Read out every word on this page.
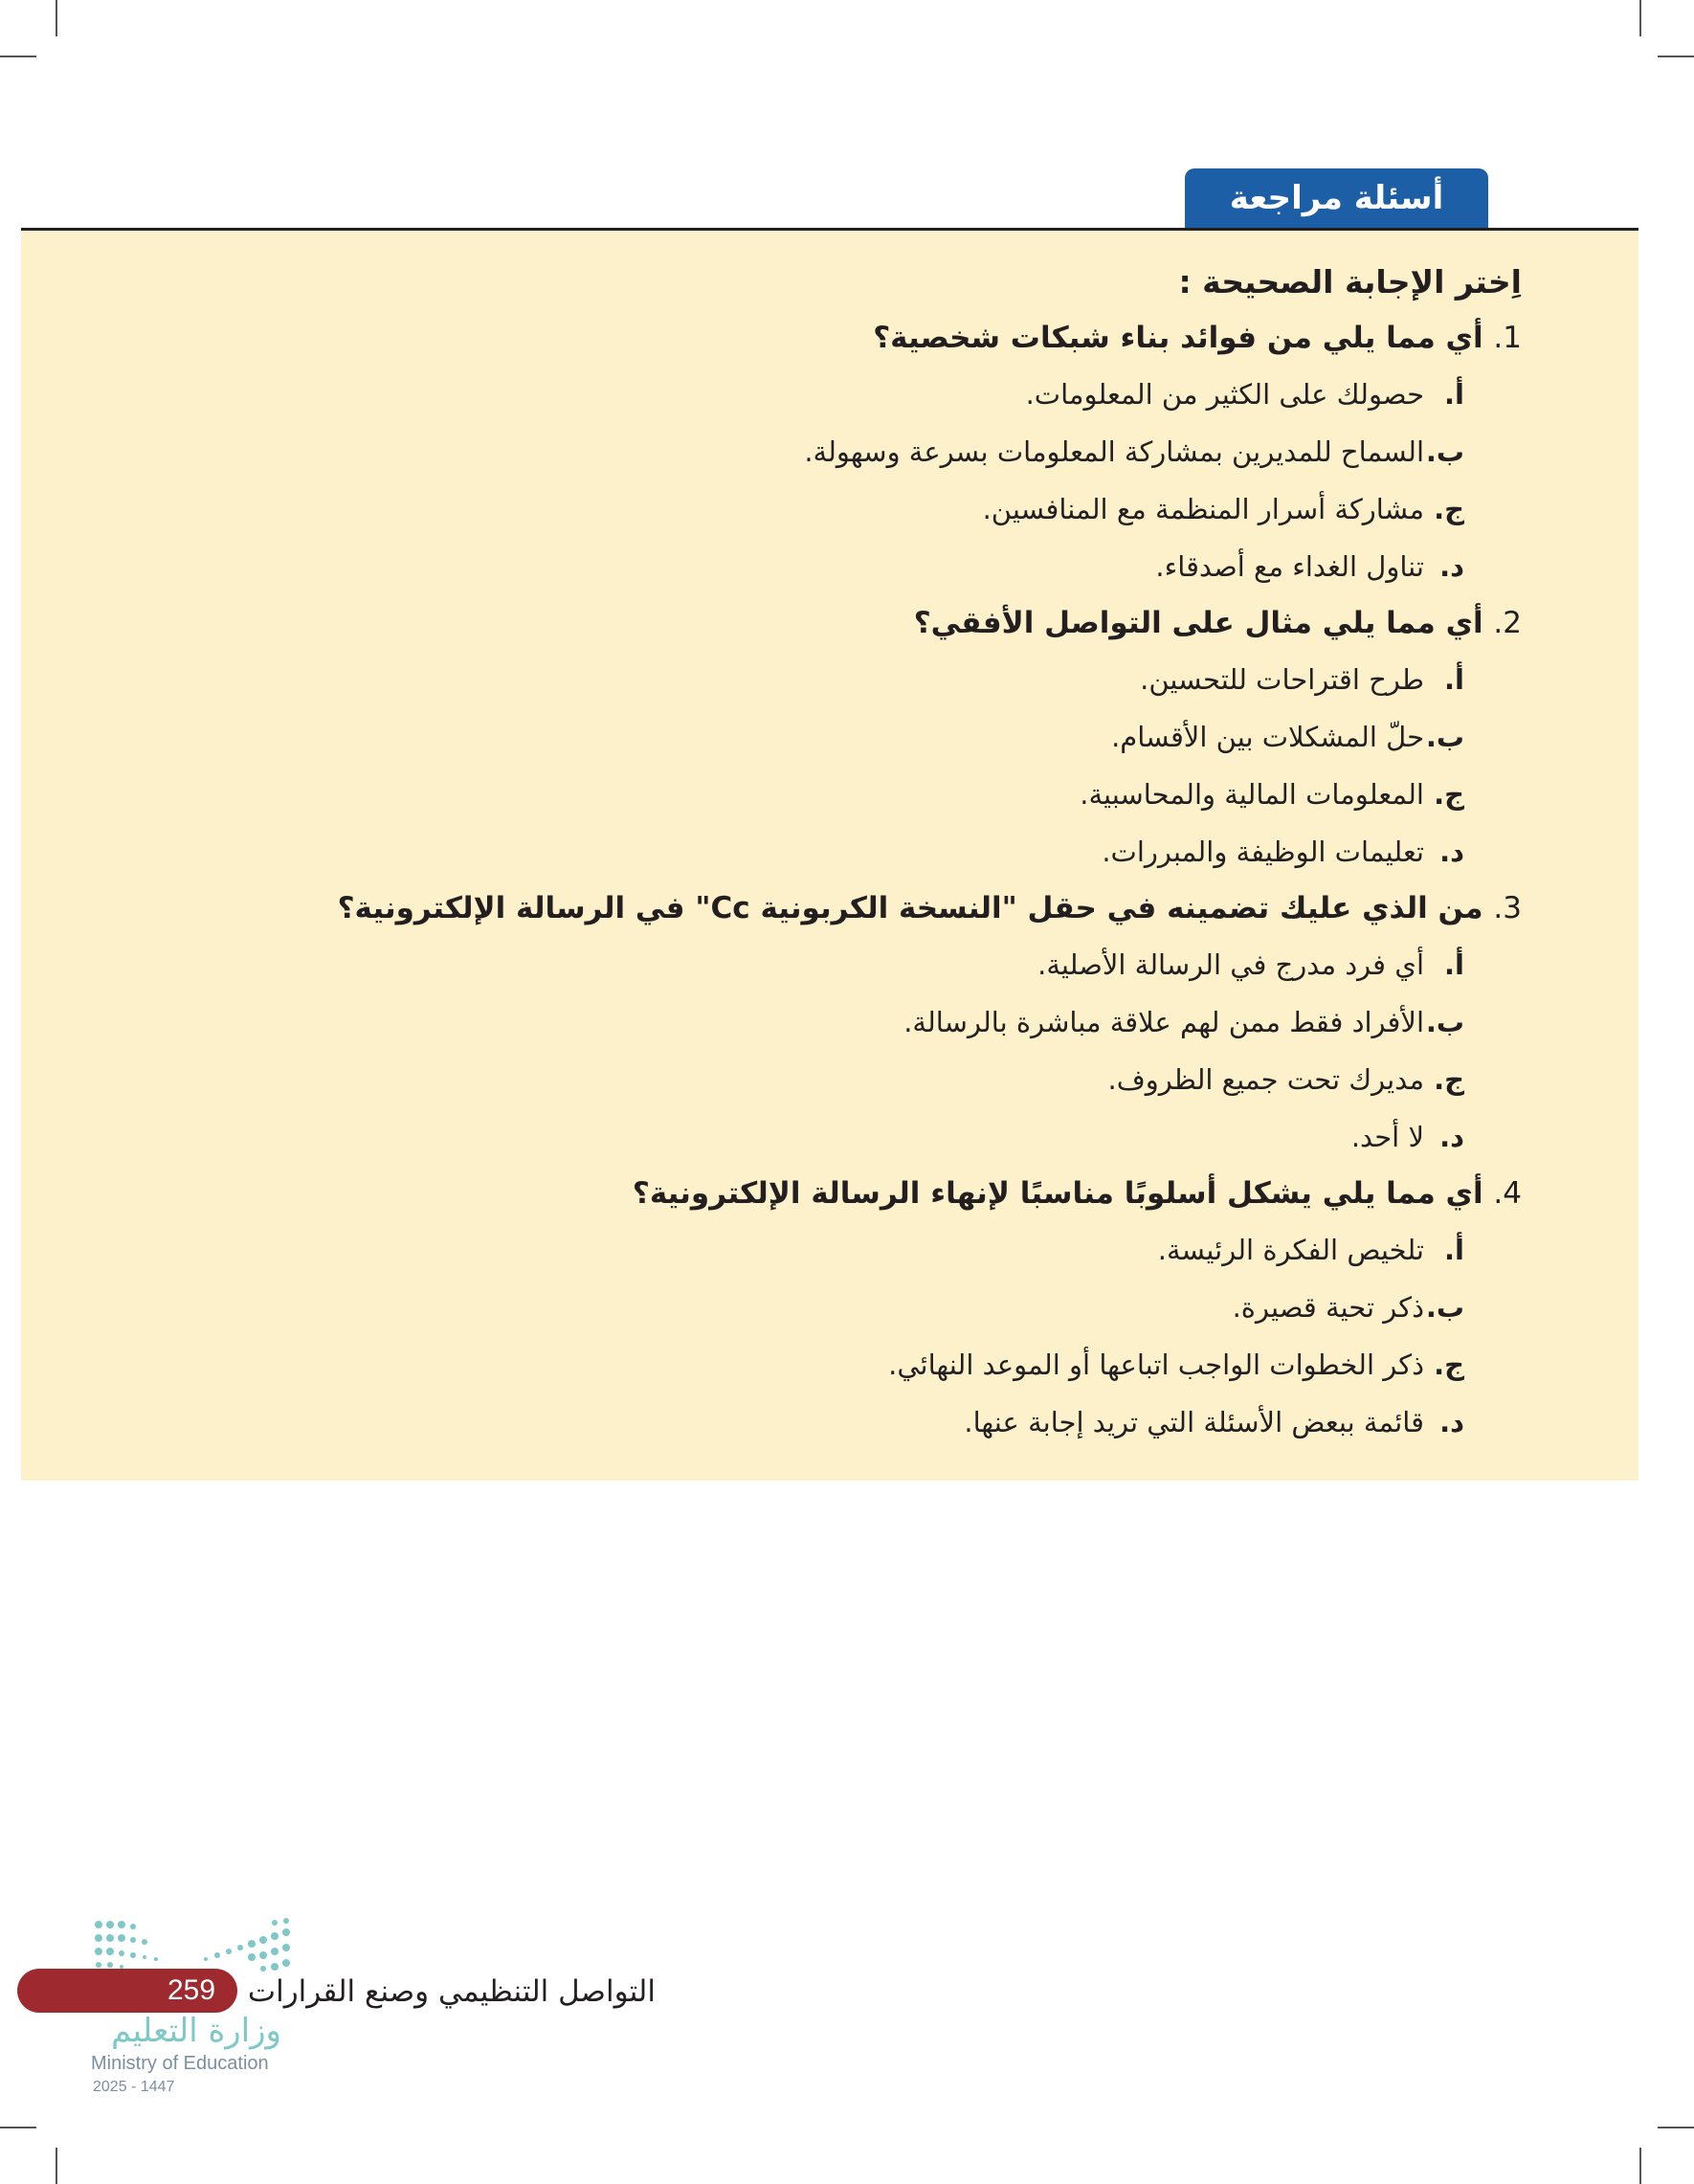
أسئلة مراجعة

اِختر الإجابة الصحيحة :

1. أي مما يلي من فوائد بناء شبكات شخصية؟

أ.حصولك على الكثير من المعلومات.
ب.السماح للمديرين بمشاركة المعلومات بسرعة وسهولة.
ج.مشاركة أسرار المنظمة مع المنافسين.
د.تناول الغداء مع أصدقاء.

2. أي مما يلي مثال على التواصل الأفقي؟

أ.طرح اقتراحات للتحسين.
ب.حلّ المشكلات بين الأقسام.
ج.المعلومات المالية والمحاسبية.
د.تعليمات الوظيفة والمبررات.

3. من الذي عليك تضمينه في حقل "النسخة الكربونية Cc" في الرسالة الإلكترونية؟

أ.أي فرد مدرج في الرسالة الأصلية.
ب.الأفراد فقط ممن لهم علاقة مباشرة بالرسالة.
ج.مديرك تحت جميع الظروف.
د.لا أحد.

4. أي مما يلي يشكل أسلوبًا مناسبًا لإنهاء الرسالة الإلكترونية؟

أ.تلخيص الفكرة الرئيسة.
ب.ذكر تحية قصيرة.
ج.ذكر الخطوات الواجب اتباعها أو الموعد النهائي.
د.قائمة ببعض الأسئلة التي تريد إجابة عنها.
259	التواصل التنظيمي وصنع القرارات
وزارة التعليم
Ministry of Education
2025 - 1447
